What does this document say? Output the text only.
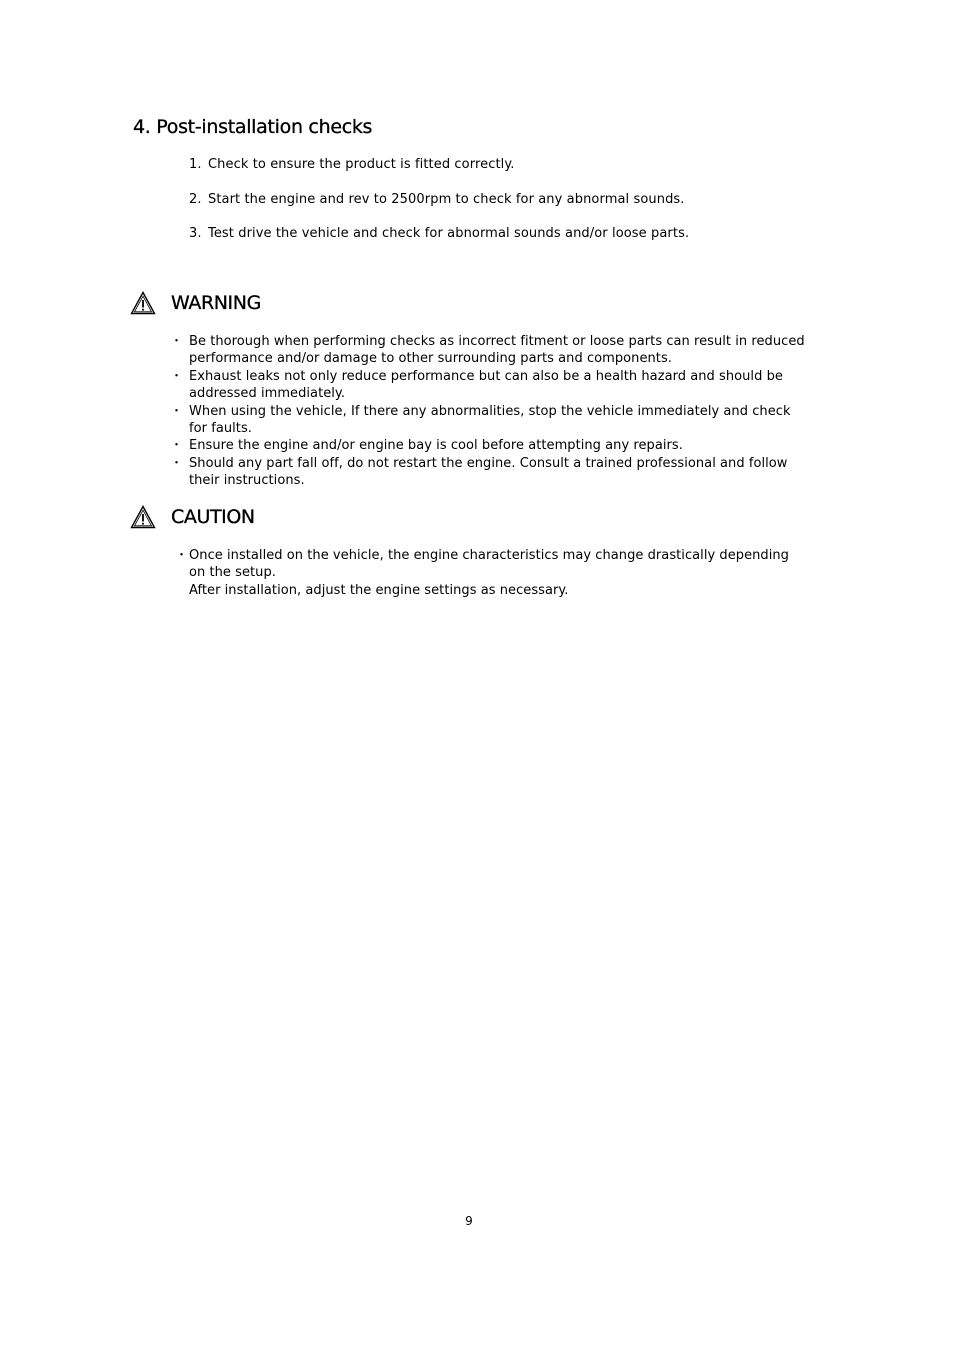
4. Post-installation checks
1. Check to ensure the product is fitted correctly.
2. Start the engine and rev to 2500rpm to check for any abnormal sounds.
3. Test drive the vehicle and check for abnormal sounds and/or loose parts.
WARNING
・ Be thorough when performing checks as incorrect fitment or loose parts can result in reduced performance and/or damage to other surrounding parts and components.
・ Exhaust leaks not only reduce performance but can also be a health hazard and should be
addressed immediately.
・ When using the vehicle, If there any abnormalities, stop the vehicle immediately and check
for faults.
・ Ensure the engine and/or engine bay is cool before attempting any repairs.
・ Should any part fall off, do not restart the engine. Consult a trained professional and follow
their instructions.
CAUTION
・ Once installed on the vehicle, the engine characteristics may change drastically depending
on the setup.
After installation, adjust the engine settings as necessary.
9
